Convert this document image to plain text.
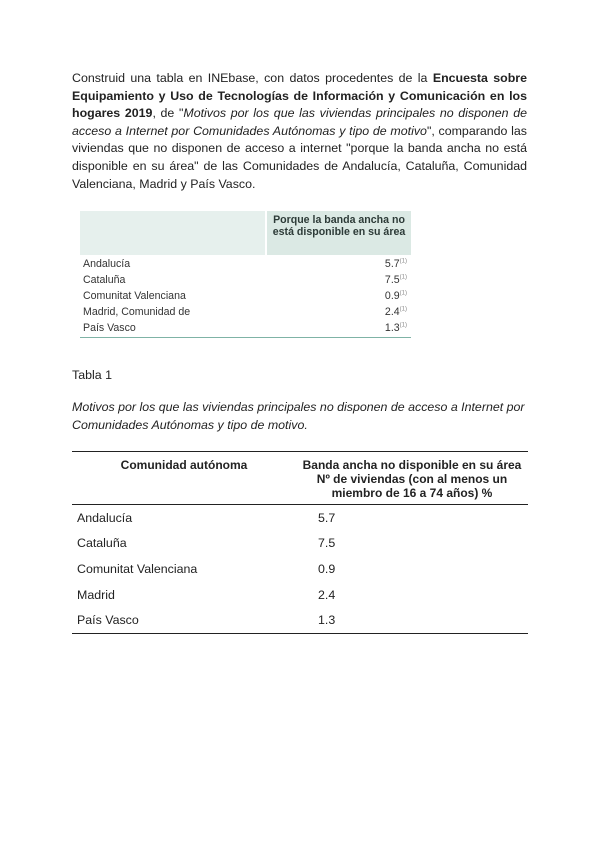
Construid una tabla en INEbase, con datos procedentes de la Encuesta sobre Equipamiento y Uso de Tecnologías de Información y Comunicación en los hogares 2019, de "Motivos por los que las viviendas principales no disponen de acceso a Internet por Comunidades Autónomas y tipo de motivo", comparando las viviendas que no disponen de acceso a internet "porque la banda ancha no está disponible en su área" de las Comunidades de Andalucía, Cataluña, Comunidad Valenciana, Madrid y País Vasco.

Porque la banda ancha no está disponible en su área
Andalucía	5.7$^{(1)}$
Cataluña	7.5$^{(1)}$
Comunitat Valenciana	0.9$^{(1)}$
Madrid, Comunidad de	2.4$^{(1)}$
País Vasco	1.3$^{(1)}$

Tabla 1

Motivos por los que las viviendas principales no disponen de acceso a Internet por Comunidades Autónomas y tipo de motivo.

Comunidad autónoma	Banda ancha no disponible en su área Nº de viviendas (con al menos un miembro de 16 a 74 años) %
Andalucía	5.7
Cataluña	7.5
Comunitat Valenciana	0.9
Madrid	2.4
País Vasco	1.3
